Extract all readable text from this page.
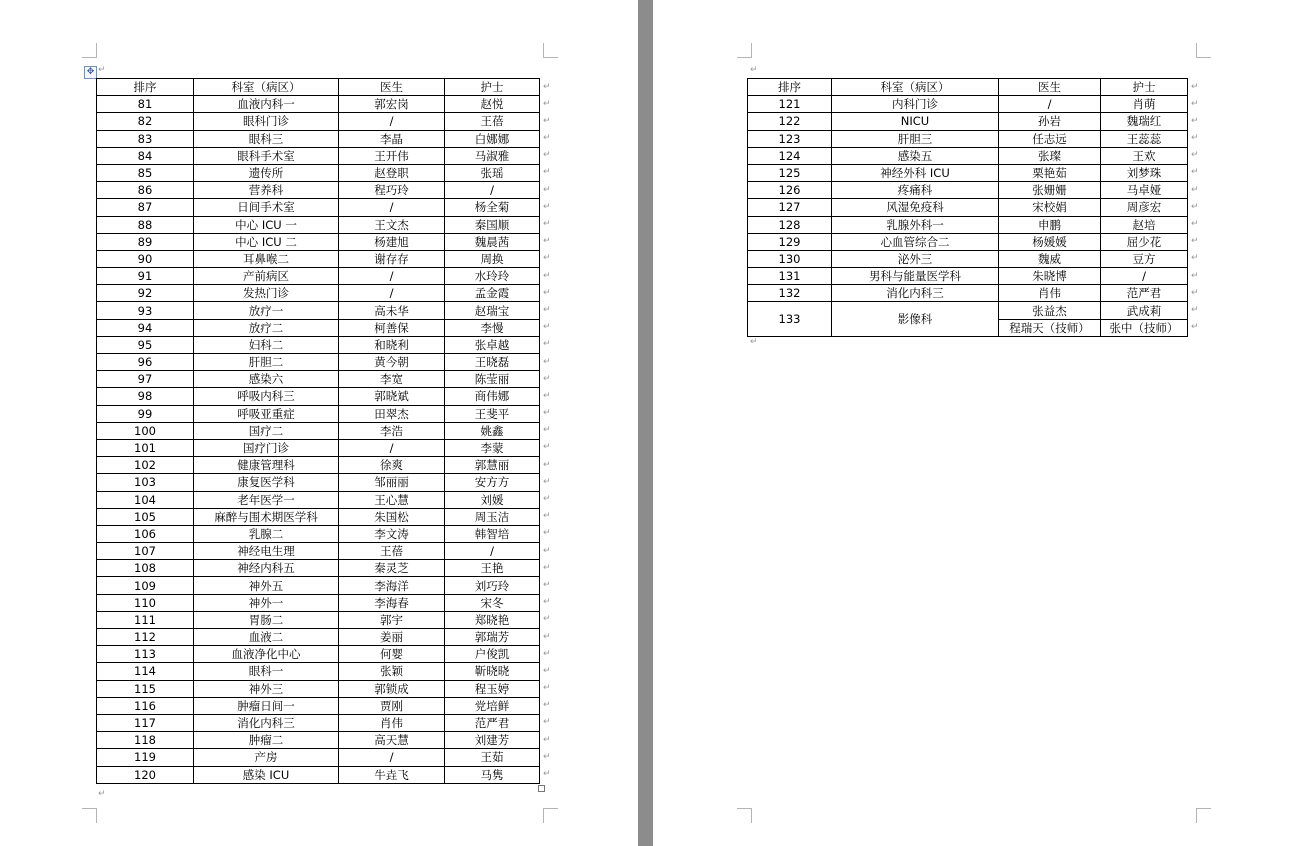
✥ ↵
↵
排序	科室（病区）	医生	护士
81	血液内科一	郭宏岗	赵悦
82	眼科门诊	/	王蓓
83	眼科三	李晶	白娜娜
84	眼科手术室	王开伟	马淑雅
85	遗传所	赵登职	张瑶
86	营养科	程巧玲	/
87	日间手术室	/	杨全菊
88	中心 ICU 一	王文杰	秦国顺
89	中心 ICU 二	杨建旭	魏晨茜
90	耳鼻喉二	谢存存	周换
91	产前病区	/	水玲玲
92	发热门诊	/	孟金霞
93	放疗一	高未华	赵瑞宝
94	放疗二	柯善保	李慢
95	妇科二	和晓利	张卓越
96	肝胆二	黄今朝	王晓磊
97	感染六	李宽	陈莹丽
98	呼吸内科三	郭晓斌	商伟娜
99	呼吸亚重症	田翠杰	王斐平
100	国疗二	李浩	姚鑫
101	国疗门诊	/	李蒙
102	健康管理科	徐爽	郭慧丽
103	康复医学科	邹丽丽	安方方
104	老年医学一	王心慧	刘媛
105	麻醉与围术期医学科	朱国松	周玉洁
106	乳腺二	李文涛	韩智培
107	神经电生理	王蓓	/
108	神经内科五	秦灵芝	王艳
109	神外五	李海洋	刘巧玲
110	神外一	李海春	宋冬
111	胃肠二	郭宇	郑晓艳
112	血液二	姜丽	郭瑞芳
113	血液净化中心	何婴	户俊凯
114	眼科一	张颖	靳晓晓
115	神外三	郭锁成	程玉婷
116	肿瘤日间一	贾刚	党培鲜
117	消化内科三	肖伟	范严君
118	肿瘤二	高天慧	刘建芳
119	产房	/	王茹
120	感染 ICU	牛垚飞	马隽
↵
↵
↵
↵
↵
↵
↵
↵
↵
↵
↵
↵
↵
↵
↵
↵
↵
↵
↵
↵
↵
↵
↵
↵
↵
↵
↵
↵
↵
↵
↵
↵
↵
↵
↵
↵
↵
↵
↵
↵
↵
↵
↵
排序	科室（病区）	医生	护士
121	内科门诊	/	肖萌
122	NICU	孙岩	魏瑞红
123	肝胆三	任志远	王蕊蕊
124	感染五	张璨	王欢
125	神经外科 ICU	栗艳茹	刘梦珠
126	疼痛科	张姗姗	马卓娅
127	风湿免疫科	宋校娟	周彦宏
128	乳腺外科一	申鹏	赵培
129	心血管综合二	杨媛媛	屈少花
130	泌外三	魏威	豆方
131	男科与能量医学科	朱晓博	/
132	消化内科三	肖伟	范严君
133	影像科	张益杰	武成莉
		程瑞天（技师）	张中（技师）
↵
↵
↵
↵
↵
↵
↵
↵
↵
↵
↵
↵
↵
↵
↵
